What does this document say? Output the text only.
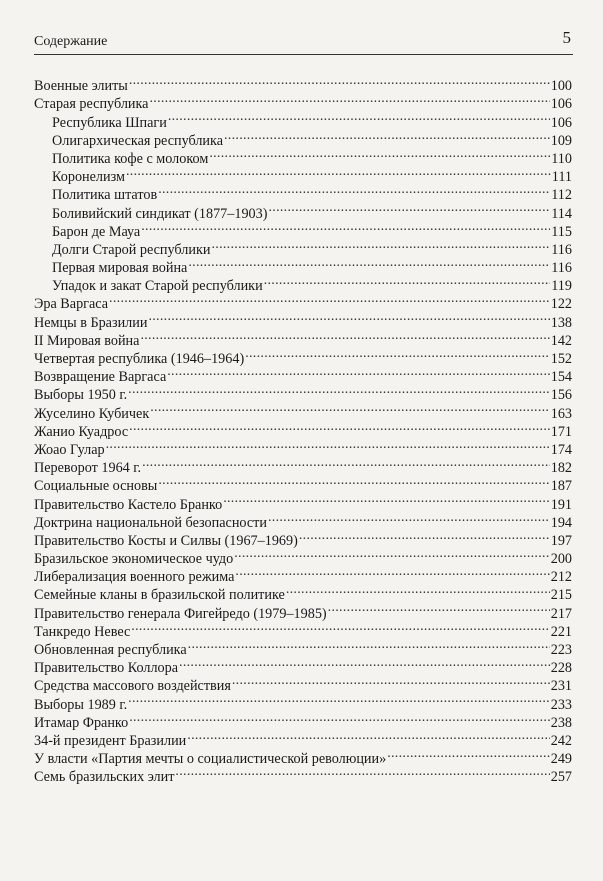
Содержание	5
Военные элиты . . .	100
Старая республика . . .	106
Республика Шпаги . . .	106
Олигархическая республика . . .	109
Политика кофе с молоком . . .	110
Коронелизм . . .	111
Политика штатов . . .	112
Боливийский синдикат (1877–1903) . . .	114
Барон де Мауа . . .	115
Долги Старой республики . . .	116
Первая мировая война . . .	116
Упадок и закат Старой республики . . .	119
Эра Варгаса . . .	122
Немцы в Бразилии . . .	138
II Мировая война . . .	142
Четвертая республика (1946–1964) . . .	152
Возвращение Варгаса . . .	154
Выборы 1950 г. . . .	156
Жуселино Кубичек . . .	163
Жанио Куадрос . . .	171
Жоао Гулар . . .	174
Переворот 1964 г. . . .	182
Социальные основы . . .	187
Правительство Кастело Бранко . . .	191
Доктрина национальной безопасности . . .	194
Правительство Косты и Силвы (1967–1969) . . .	197
Бразильское экономическое чудо . . .	200
Либерализация военного режима . . .	212
Семейные кланы в бразильской политике . . .	215
Правительство генерала Фигейредо (1979–1985) . . .	217
Танкредо Невес . . .	221
Обновленная республика . . .	223
Правительство Коллора . . .	228
Средства массового воздействия . . .	231
Выборы 1989 г. . . .	233
Итамар Франко . . .	238
34-й президент Бразилии . . .	242
У власти «Партия мечты о социалистической революции» . . .	249
Семь бразильских элит . . .	257
